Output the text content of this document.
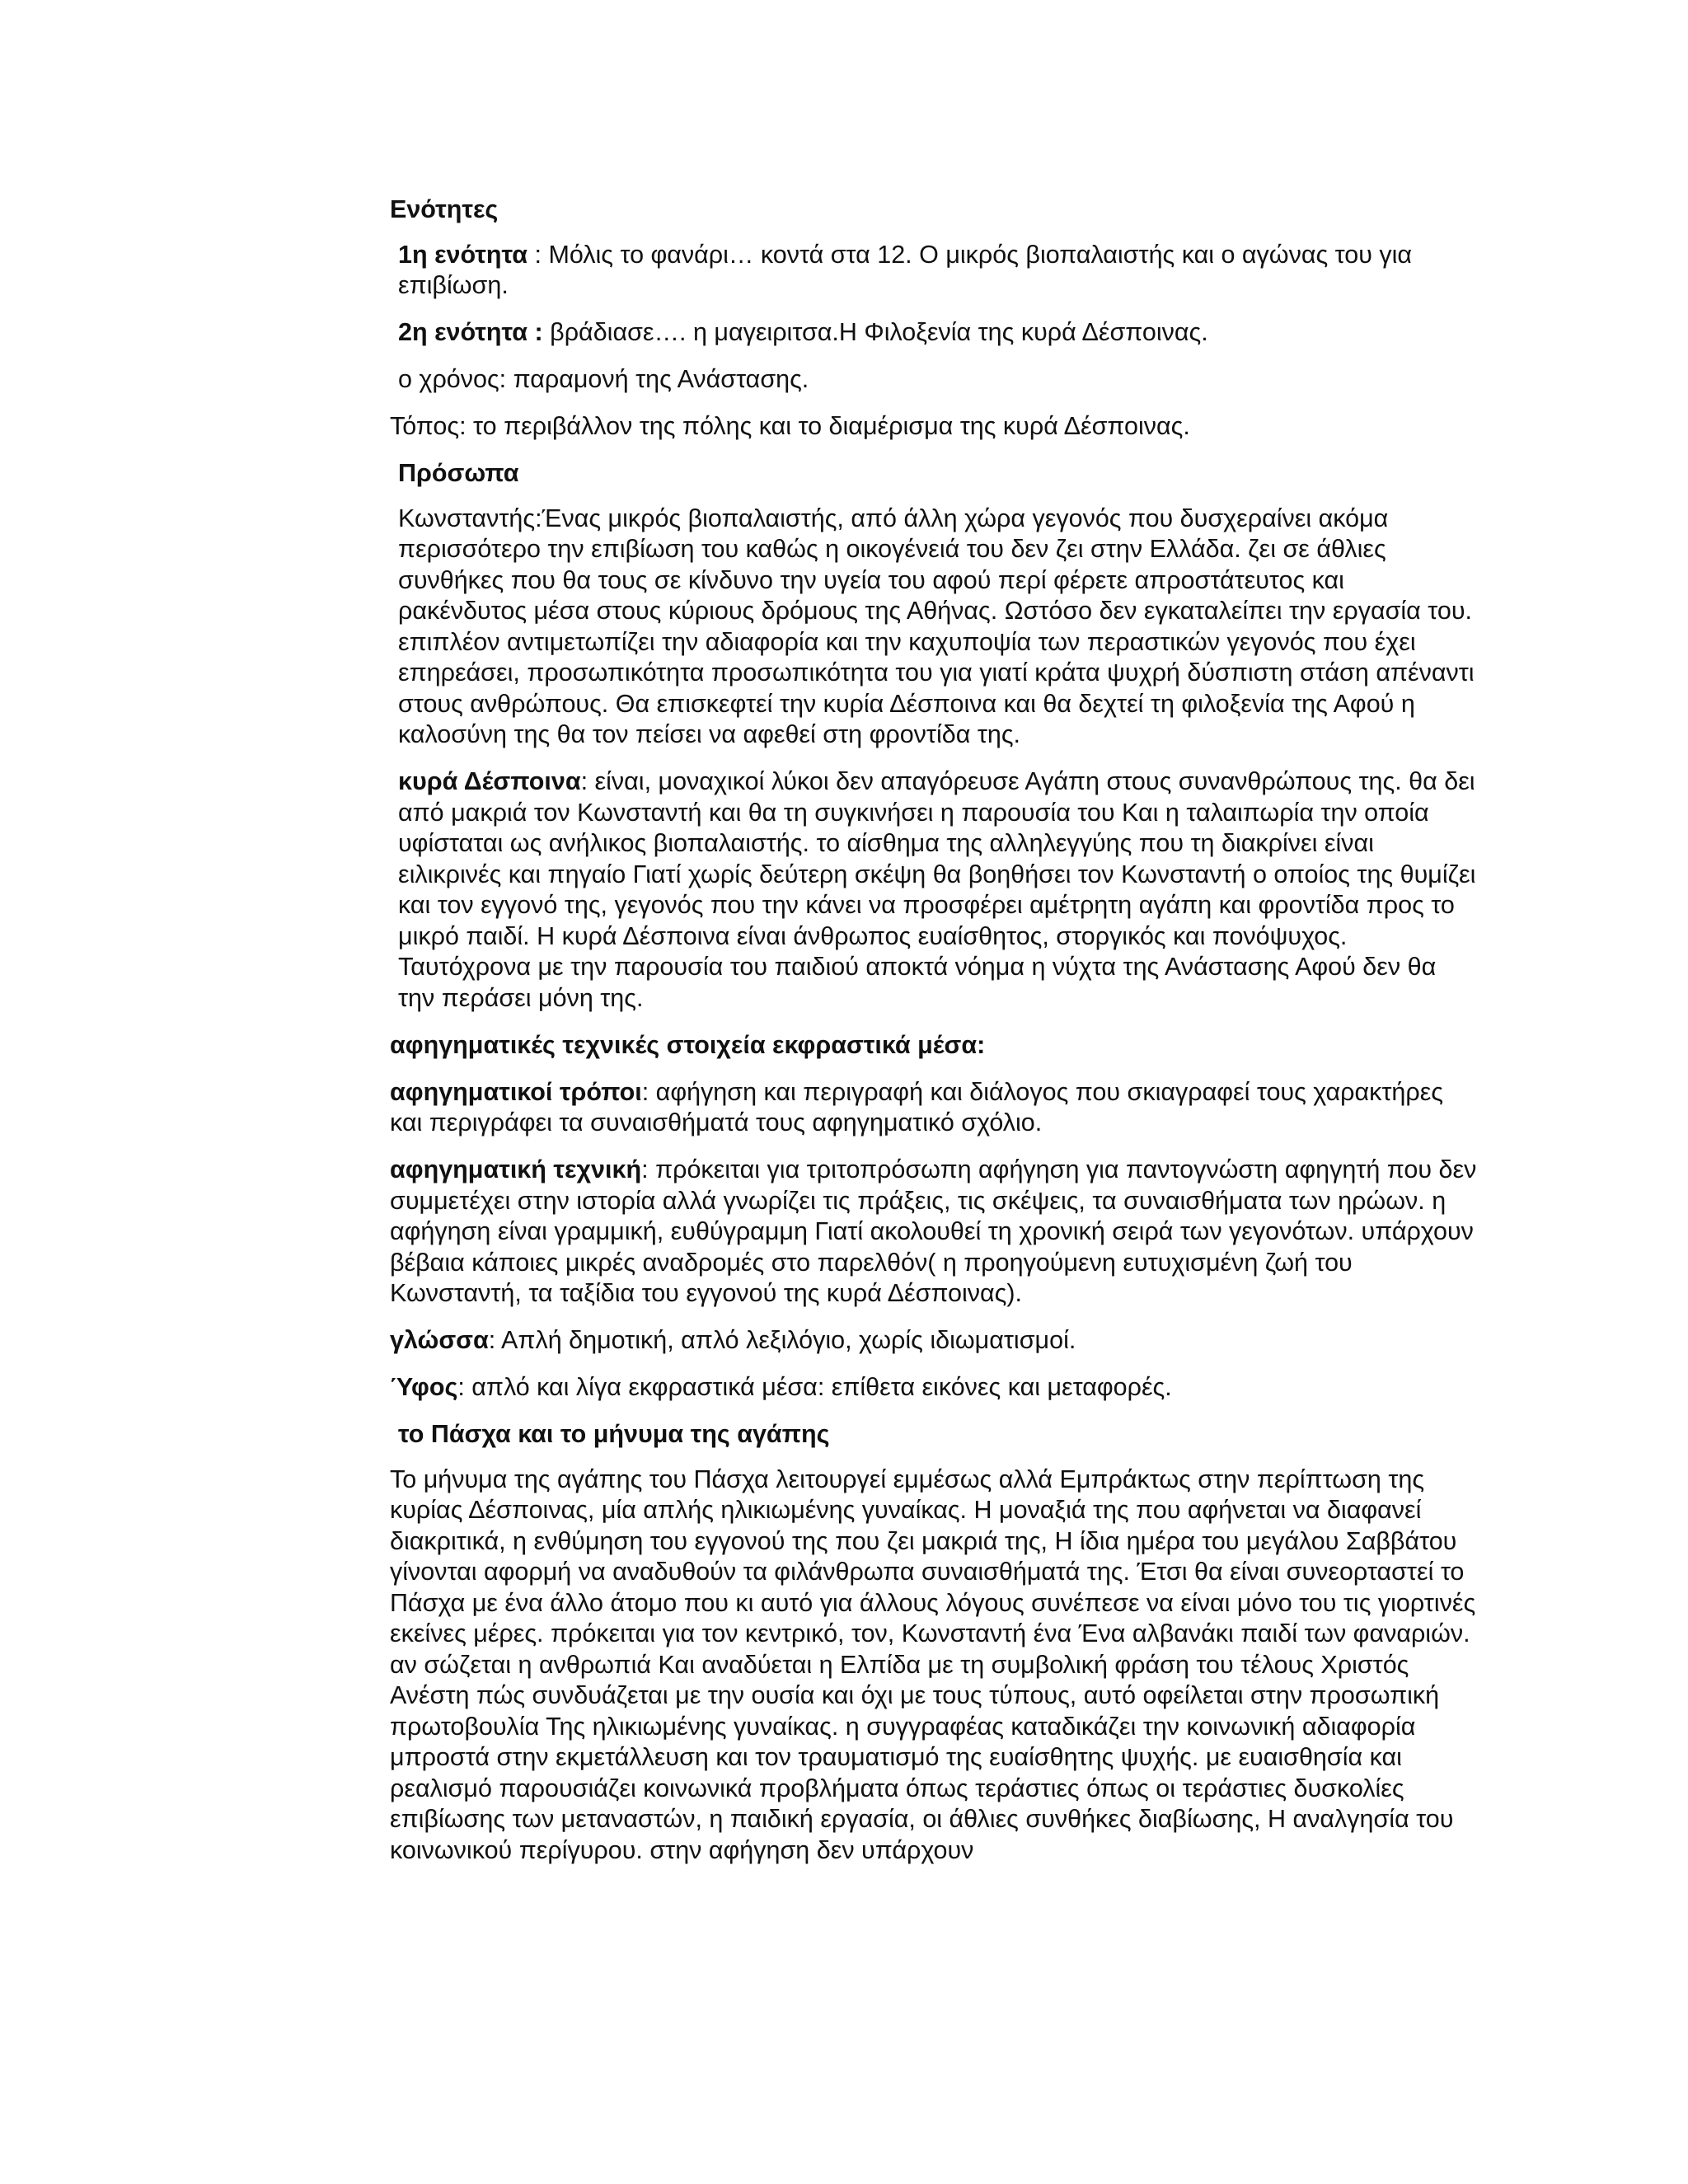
Ενότητες

1η ενότητα : Μόλις το φανάρι… κοντά στα 12. Ο μικρός βιοπαλαιστής και ο αγώνας του για επιβίωση.

2η ενότητα : βράδιασε…. η μαγειριτσα.Η Φιλοξενία της κυρά Δέσποινας.

ο χρόνος: παραμονή της Ανάστασης.

Τόπος: το περιβάλλον της πόλης και το διαμέρισμα της κυρά Δέσποινας.

Πρόσωπα

Κωνσταντής:Ένας μικρός βιοπαλαιστής, από άλλη χώρα γεγονός που δυσχεραίνει ακόμα περισσότερο την επιβίωση του καθώς η οικογένειά του δεν ζει στην Ελλάδα. ζει σε άθλιες συνθήκες που θα τους σε κίνδυνο την υγεία του αφού περί φέρετε απροστάτευτος και ρακένδυτος μέσα στους κύριους δρόμους της Αθήνας. Ωστόσο δεν εγκαταλείπει την εργασία του. επιπλέον αντιμετωπίζει την αδιαφορία και την καχυποψία των περαστικών γεγονός που έχει επηρεάσει, προσωπικότητα προσωπικότητα του για γιατί κράτα ψυχρή δύσπιστη στάση απέναντι στους ανθρώπους. Θα επισκεφτεί την κυρία Δέσποινα και θα δεχτεί τη φιλοξενία της Αφού η καλοσύνη της θα τον πείσει να αφεθεί στη φροντίδα της.

κυρά Δέσποινα: είναι, μοναχικοί λύκοι δεν απαγόρευσε Αγάπη στους συνανθρώπους της. θα δει από μακριά τον Κωνσταντή και θα τη συγκινήσει η παρουσία του Και η ταλαιπωρία την οποία υφίσταται ως ανήλικος βιοπαλαιστής. το αίσθημα της αλληλεγγύης που τη διακρίνει είναι ειλικρινές και πηγαίο Γιατί χωρίς δεύτερη σκέψη θα βοηθήσει τον Κωνσταντή ο οποίος της θυμίζει και τον εγγονό της, γεγονός που την κάνει να προσφέρει αμέτρητη αγάπη και φροντίδα προς το μικρό παιδί. Η κυρά Δέσποινα είναι άνθρωπος ευαίσθητος, στοργικός και πονόψυχος. Ταυτόχρονα με την παρουσία του παιδιού αποκτά νόημα η νύχτα της Ανάστασης Αφού δεν θα την περάσει μόνη της.

αφηγηματικές τεχνικές στοιχεία εκφραστικά μέσα:

αφηγηματικοί τρόποι: αφήγηση και περιγραφή και διάλογος που σκιαγραφεί τους χαρακτήρες και περιγράφει τα συναισθήματά τους αφηγηματικό σχόλιο.

αφηγηματική τεχνική: πρόκειται για τριτοπρόσωπη αφήγηση για παντογνώστη αφηγητή που δεν συμμετέχει στην ιστορία αλλά γνωρίζει τις πράξεις, τις σκέψεις, τα συναισθήματα των ηρώων. η αφήγηση είναι γραμμική, ευθύγραμμη Γιατί ακολουθεί τη χρονική σειρά των γεγονότων. υπάρχουν βέβαια κάποιες μικρές αναδρομές στο παρελθόν( η προηγούμενη ευτυχισμένη ζωή του Κωνσταντή, τα ταξίδια του εγγονού της κυρά Δέσποινας).

γλώσσα: Απλή δημοτική, απλό λεξιλόγιο, χωρίς ιδιωματισμοί.

Ύφος: απλό και λίγα εκφραστικά μέσα: επίθετα εικόνες και μεταφορές.

το Πάσχα και το μήνυμα της αγάπης

Το μήνυμα της αγάπης του Πάσχα λειτουργεί εμμέσως αλλά Εμπράκτως στην περίπτωση της κυρίας Δέσποινας, μία απλής ηλικιωμένης γυναίκας. Η μοναξιά της που αφήνεται να διαφανεί διακριτικά, η ενθύμηση του εγγονού της που ζει μακριά της, Η ίδια ημέρα του μεγάλου Σαββάτου γίνονται αφορμή να αναδυθούν τα φιλάνθρωπα συναισθήματά της. Έτσι θα είναι συνεορταστεί το Πάσχα με ένα άλλο άτομο που κι αυτό για άλλους λόγους συνέπεσε να είναι μόνο του τις γιορτινές εκείνες μέρες. πρόκειται για τον κεντρικό, τον, Κωνσταντή ένα Ένα αλβανάκι παιδί των φαναριών. αν σώζεται η ανθρωπιά Και αναδύεται η Ελπίδα με τη συμβολική φράση του τέλους Χριστός Ανέστη πώς συνδυάζεται με την ουσία και όχι με τους τύπους, αυτό οφείλεται στην προσωπική πρωτοβουλία Της ηλικιωμένης γυναίκας. η συγγραφέας καταδικάζει την κοινωνική αδιαφορία μπροστά στην εκμετάλλευση και τον τραυματισμό της ευαίσθητης ψυχής. με ευαισθησία και ρεαλισμό παρουσιάζει κοινωνικά προβλήματα όπως τεράστιες όπως οι τεράστιες δυσκολίες επιβίωσης των μεταναστών, η παιδική εργασία, οι άθλιες συνθήκες διαβίωσης, Η αναλγησία του κοινωνικού περίγυρου. στην αφήγηση δεν υπάρχουν
